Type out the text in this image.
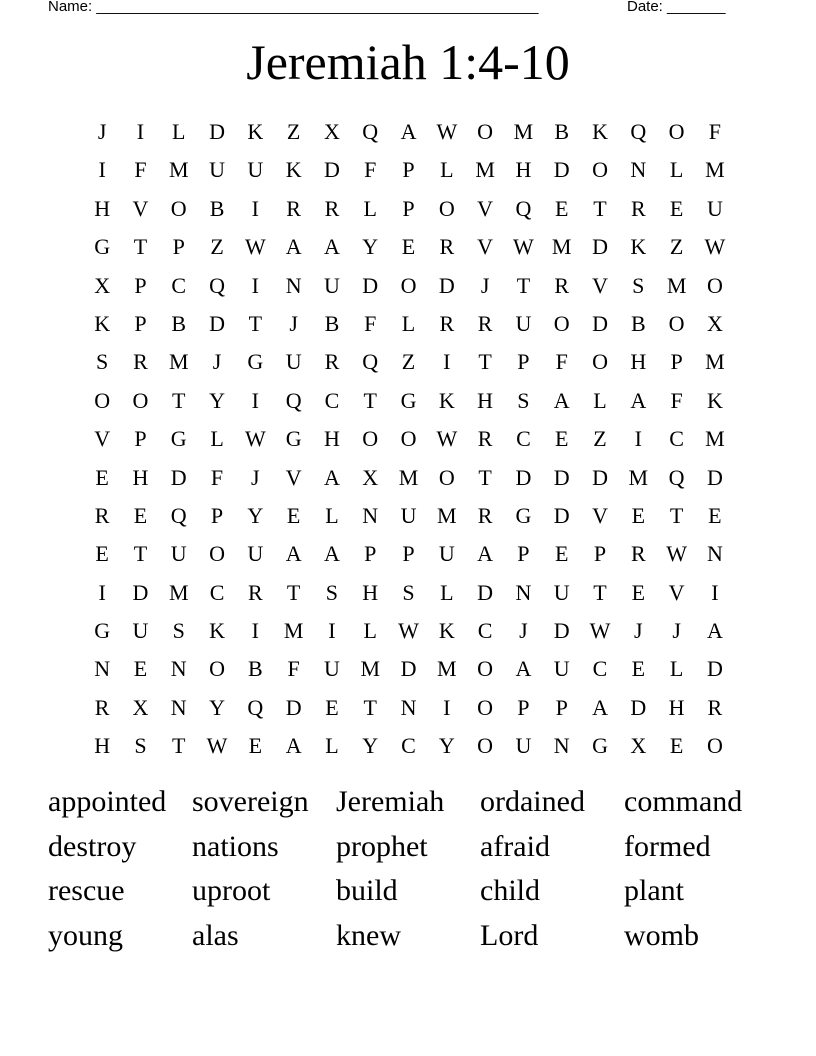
Name: _____________________________________________________	Date: _______
Jeremiah 1:4-10
J	I	L	D	K	Z	X	Q	A W O M B	K	Q	O	F
I	F	M U	U	K	D	F	P	L M H	D	O	N	L M
H	V	O	B	I	R	R	L	P	O	V	Q	E	T	R	E	U
G	T	P	Z W A	A	Y	E	R	V W M D	K	Z W
X	P	C	Q	I	N	U	D	O	D	J	T	R	V	S	M O
K	P	B	D	T	J	B	F	L	R	R	U	O	D	B	O	X
S	R M	J	G	U	R	Q	Z	I	T	P	F	O	H	P	M
O	O	T	Y	I	Q	C	T	G	K	H	S	A	L	A	F	K
V	P	G	L W G	H	O	O W R	C	E	Z	I	C M
E	H	D	F	J	V	A	X M O	T	D	D	D M Q	D
R	E	Q	P	Y	E	L	N	U M R	G	D	V	E	T	E
E	T	U	O	U	A	A	P	P	U	A	P	E	P	R W N
I	D M C	R	T	S	H	S	L	D	N	U	T	E	V	I
G	U	S	K	I	M	I	L W K	C	J	D W	J	J	A
N	E	N	O	B	F	U M D M O	A	U	C	E	L	D
R	X	N	Y	Q	D	E	T	N	I	O	P	P	A	D	H	R
H	S	T W E	A	L	Y	C	Y	O	U	N	G	X	E	O
appointed sovereign Jeremiah	ordained	command
destroy	nations	prophet	afraid	formed
rescue	uproot	build	child	plant
young	alas	knew	Lord	womb
